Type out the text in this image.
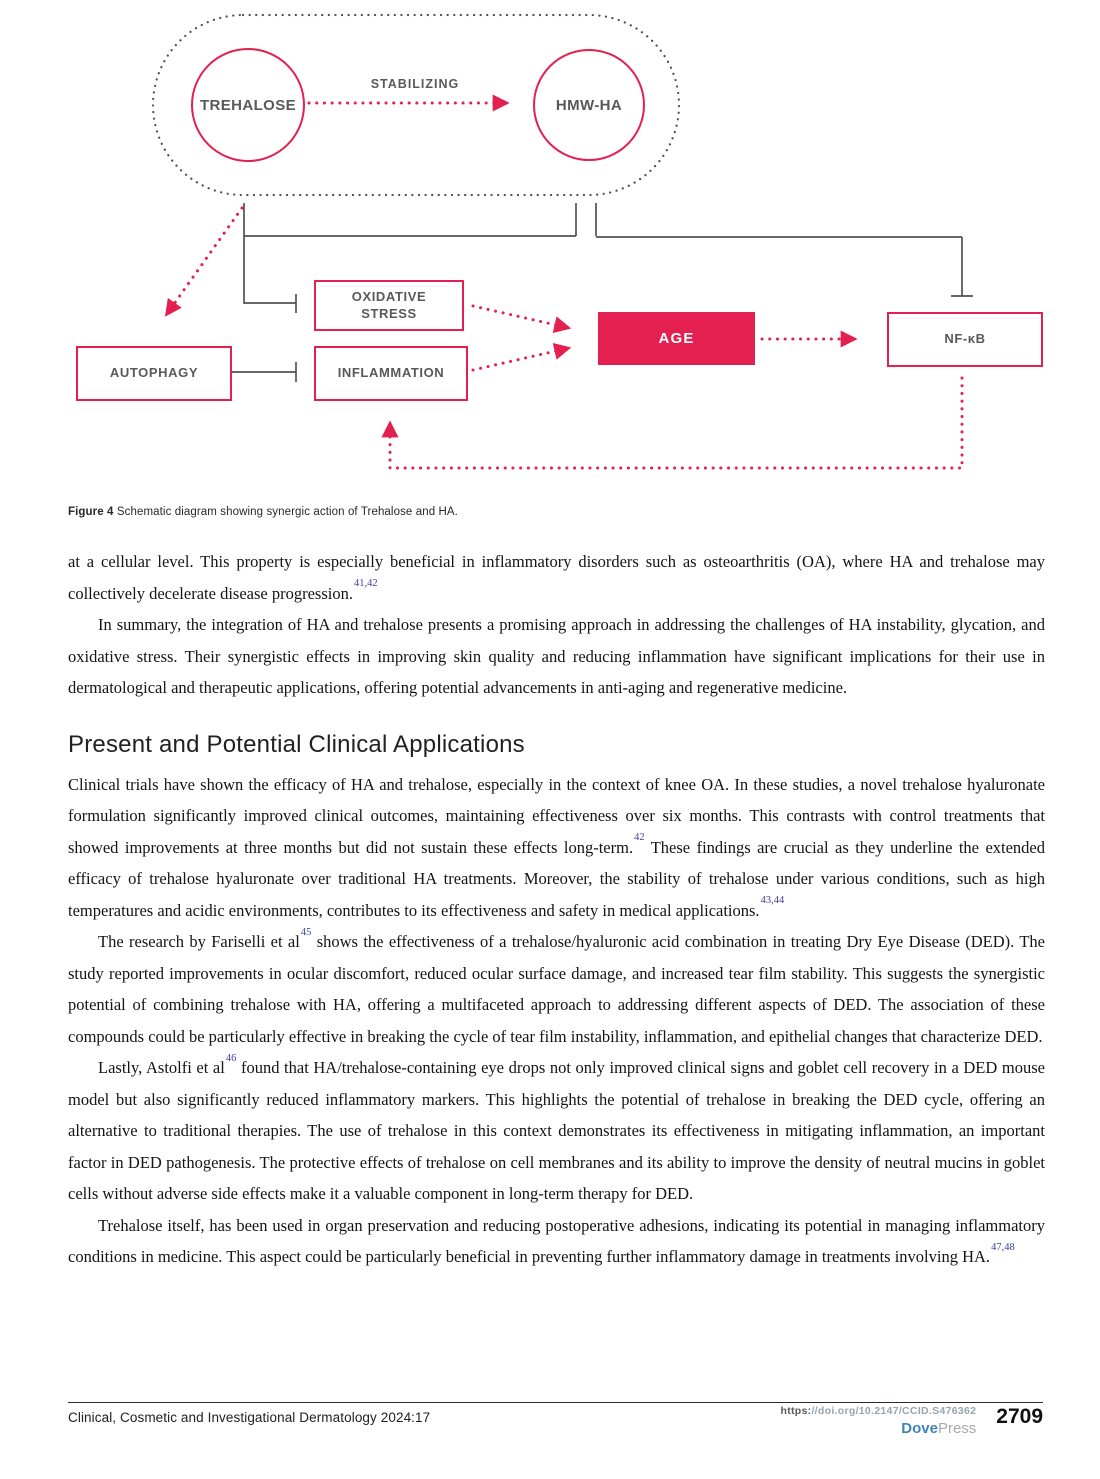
STABILIZING
TREHALOSE	HMW-HA
OXIDATIVE STRESS
INFLAMMATION
AUTOPHAGY
AGE	NF-κB

Figure 4 Schematic diagram showing synergic action of Trehalose and HA.

at a cellular level. This property is especially beneficial in inflammatory disorders such as osteoarthritis (OA), where HA and trehalose may collectively decelerate disease progression.$^{41,42}$

In summary, the integration of HA and trehalose presents a promising approach in addressing the challenges of HA instability, glycation, and oxidative stress. Their synergistic effects in improving skin quality and reducing inflammation have significant implications for their use in dermatological and therapeutic applications, offering potential advancements in anti-aging and regenerative medicine.

Present and Potential Clinical Applications

Clinical trials have shown the efficacy of HA and trehalose, especially in the context of knee OA. In these studies, a novel trehalose hyaluronate formulation significantly improved clinical outcomes, maintaining effectiveness over six months. This contrasts with control treatments that showed improvements at three months but did not sustain these effects long-term.$^{42}$ These findings are crucial as they underline the extended efficacy of trehalose hyaluronate over traditional HA treatments. Moreover, the stability of trehalose under various conditions, such as high temperatures and acidic environments, contributes to its effectiveness and safety in medical applications.$^{43,44}$

The research by Fariselli et al$^{45}$ shows the effectiveness of a trehalose/hyaluronic acid combination in treating Dry Eye Disease (DED). The study reported improvements in ocular discomfort, reduced ocular surface damage, and increased tear film stability. This suggests the synergistic potential of combining trehalose with HA, offering a multifaceted approach to addressing different aspects of DED. The association of these compounds could be particularly effective in breaking the cycle of tear film instability, inflammation, and epithelial changes that characterize DED.

Lastly, Astolfi et al$^{46}$ found that HA/trehalose-containing eye drops not only improved clinical signs and goblet cell recovery in a DED mouse model but also significantly reduced inflammatory markers. This highlights the potential of trehalose in breaking the DED cycle, offering an alternative to traditional therapies. The use of trehalose in this context demonstrates its effectiveness in mitigating inflammation, an important factor in DED pathogenesis. The protective effects of trehalose on cell membranes and its ability to improve the density of neutral mucins in goblet cells without adverse side effects make it a valuable component in long-term therapy for DED.

Trehalose itself, has been used in organ preservation and reducing postoperative adhesions, indicating its potential in managing inflammatory conditions in medicine. This aspect could be particularly beneficial in preventing further inflammatory damage in treatments involving HA.$^{47,48}$

Clinical, Cosmetic and Investigational Dermatology 2024:17	https://doi.org/10.2147/CCID.S476362
DovePress
2709
